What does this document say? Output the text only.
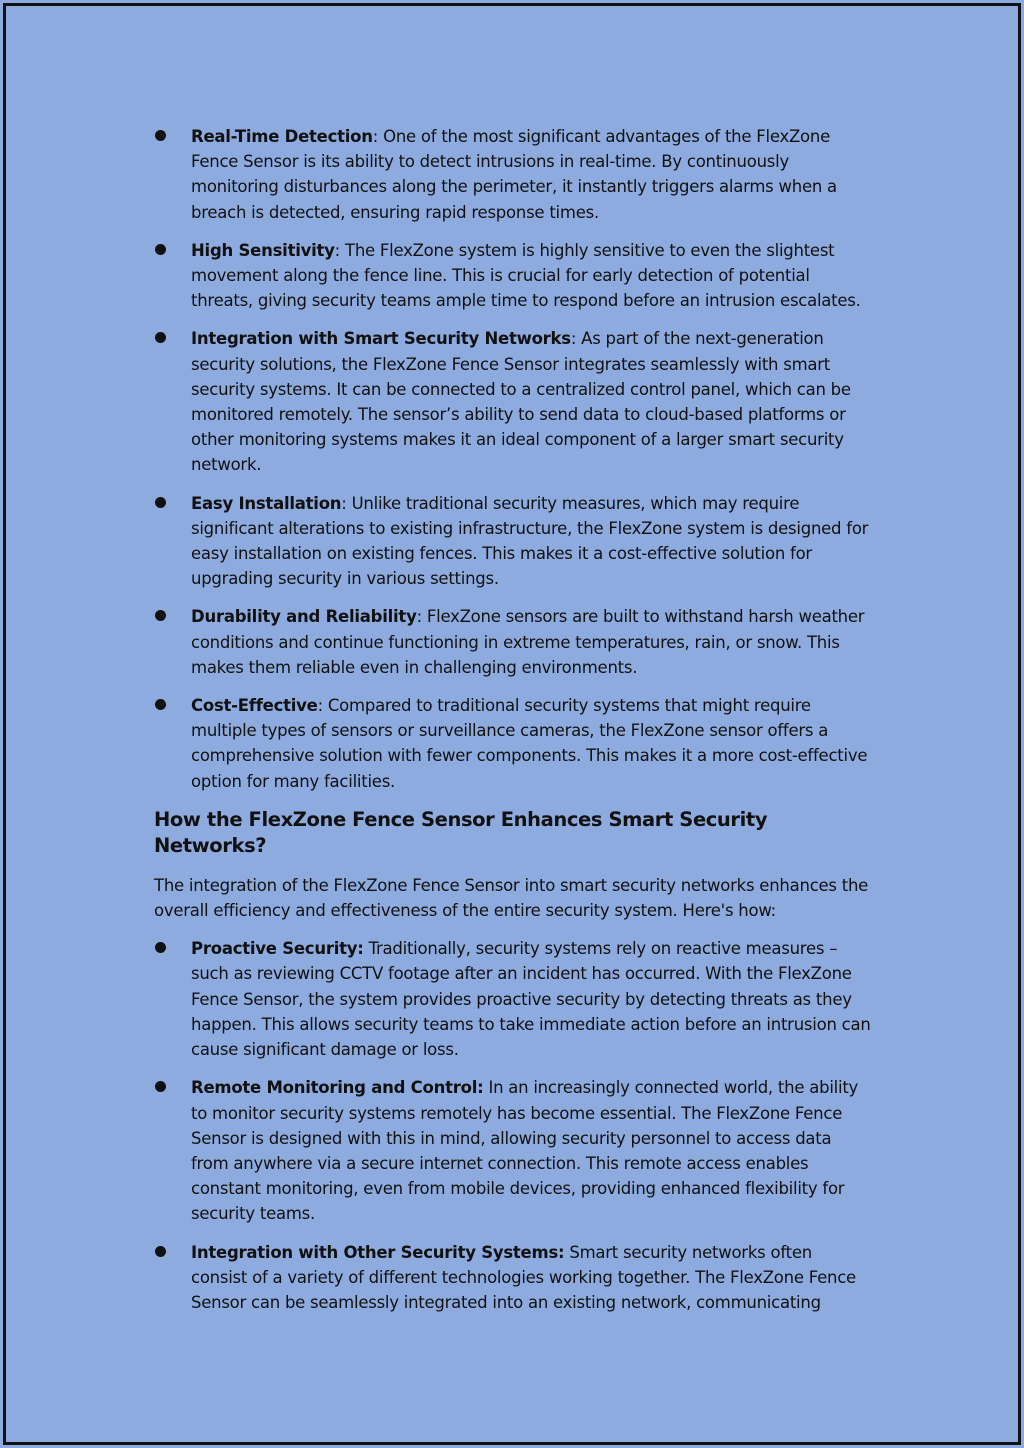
Real-Time Detection: One of the most significant advantages of the FlexZone Fence Sensor is its ability to detect intrusions in real-time. By continuously monitoring disturbances along the perimeter, it instantly triggers alarms when a breach is detected, ensuring rapid response times.
High Sensitivity: The FlexZone system is highly sensitive to even the slightest movement along the fence line. This is crucial for early detection of potential threats, giving security teams ample time to respond before an intrusion escalates.
Integration with Smart Security Networks: As part of the next-generation security solutions, the FlexZone Fence Sensor integrates seamlessly with smart security systems. It can be connected to a centralized control panel, which can be monitored remotely. The sensor’s ability to send data to cloud-based platforms or other monitoring systems makes it an ideal component of a larger smart security network.
Easy Installation: Unlike traditional security measures, which may require significant alterations to existing infrastructure, the FlexZone system is designed for easy installation on existing fences. This makes it a cost-effective solution for upgrading security in various settings.
Durability and Reliability: FlexZone sensors are built to withstand harsh weather conditions and continue functioning in extreme temperatures, rain, or snow. This makes them reliable even in challenging environments.
Cost-Effective: Compared to traditional security systems that might require multiple types of sensors or surveillance cameras, the FlexZone sensor offers a comprehensive solution with fewer components. This makes it a more cost-effective option for many facilities.
How the FlexZone Fence Sensor Enhances Smart Security Networks?

The integration of the FlexZone Fence Sensor into smart security networks enhances the overall efficiency and effectiveness of the entire security system. Here's how:

Proactive Security: Traditionally, security systems rely on reactive measures – such as reviewing CCTV footage after an incident has occurred. With the FlexZone Fence Sensor, the system provides proactive security by detecting threats as they happen. This allows security teams to take immediate action before an intrusion can cause significant damage or loss.
Remote Monitoring and Control: In an increasingly connected world, the ability to monitor security systems remotely has become essential. The FlexZone Fence Sensor is designed with this in mind, allowing security personnel to access data from anywhere via a secure internet connection. This remote access enables constant monitoring, even from mobile devices, providing enhanced flexibility for security teams.
Integration with Other Security Systems: Smart security networks often consist of a variety of different technologies working together. The FlexZone Fence Sensor can be seamlessly integrated into an existing network, communicating
